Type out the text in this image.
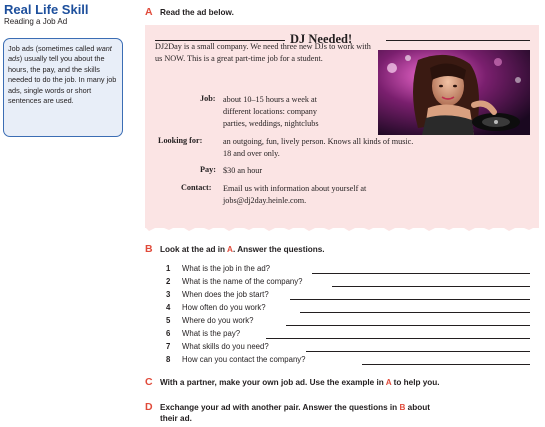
Real Life Skill
Reading a Job Ad
Job ads (sometimes called want ads) usually tell you about the hours, the pay, and the skills needed to do the job. In many job ads, single words or short sentences are used.
A Read the ad below.
DJ Needed!
DJ2Day is a small company. We need three new DJs to work with us NOW. This is a great part-time job for a student.
Job: about 10–15 hours a week at
different locations: company
parties, weddings, nightclubs
Looking for:	an outgoing, fun, lively person. Knows all kinds of music.
18 and over only.
Pay: $30 an hour
Contact: Email us with information about yourself at
jobs@dj2day.heinle.com.
B Look at the ad in A. Answer the questions.
1 What is the job in the ad?
2 What is the name of the company?
3 When does the job start?
4 How often do you work?
5 Where do you work?
6 What is the pay?
7 What skills do you need?
8 How can you contact the company?
C With a partner, make your own job ad. Use the example in A to help you.
D Exchange your ad with another pair. Answer the questions in B about
their ad.
